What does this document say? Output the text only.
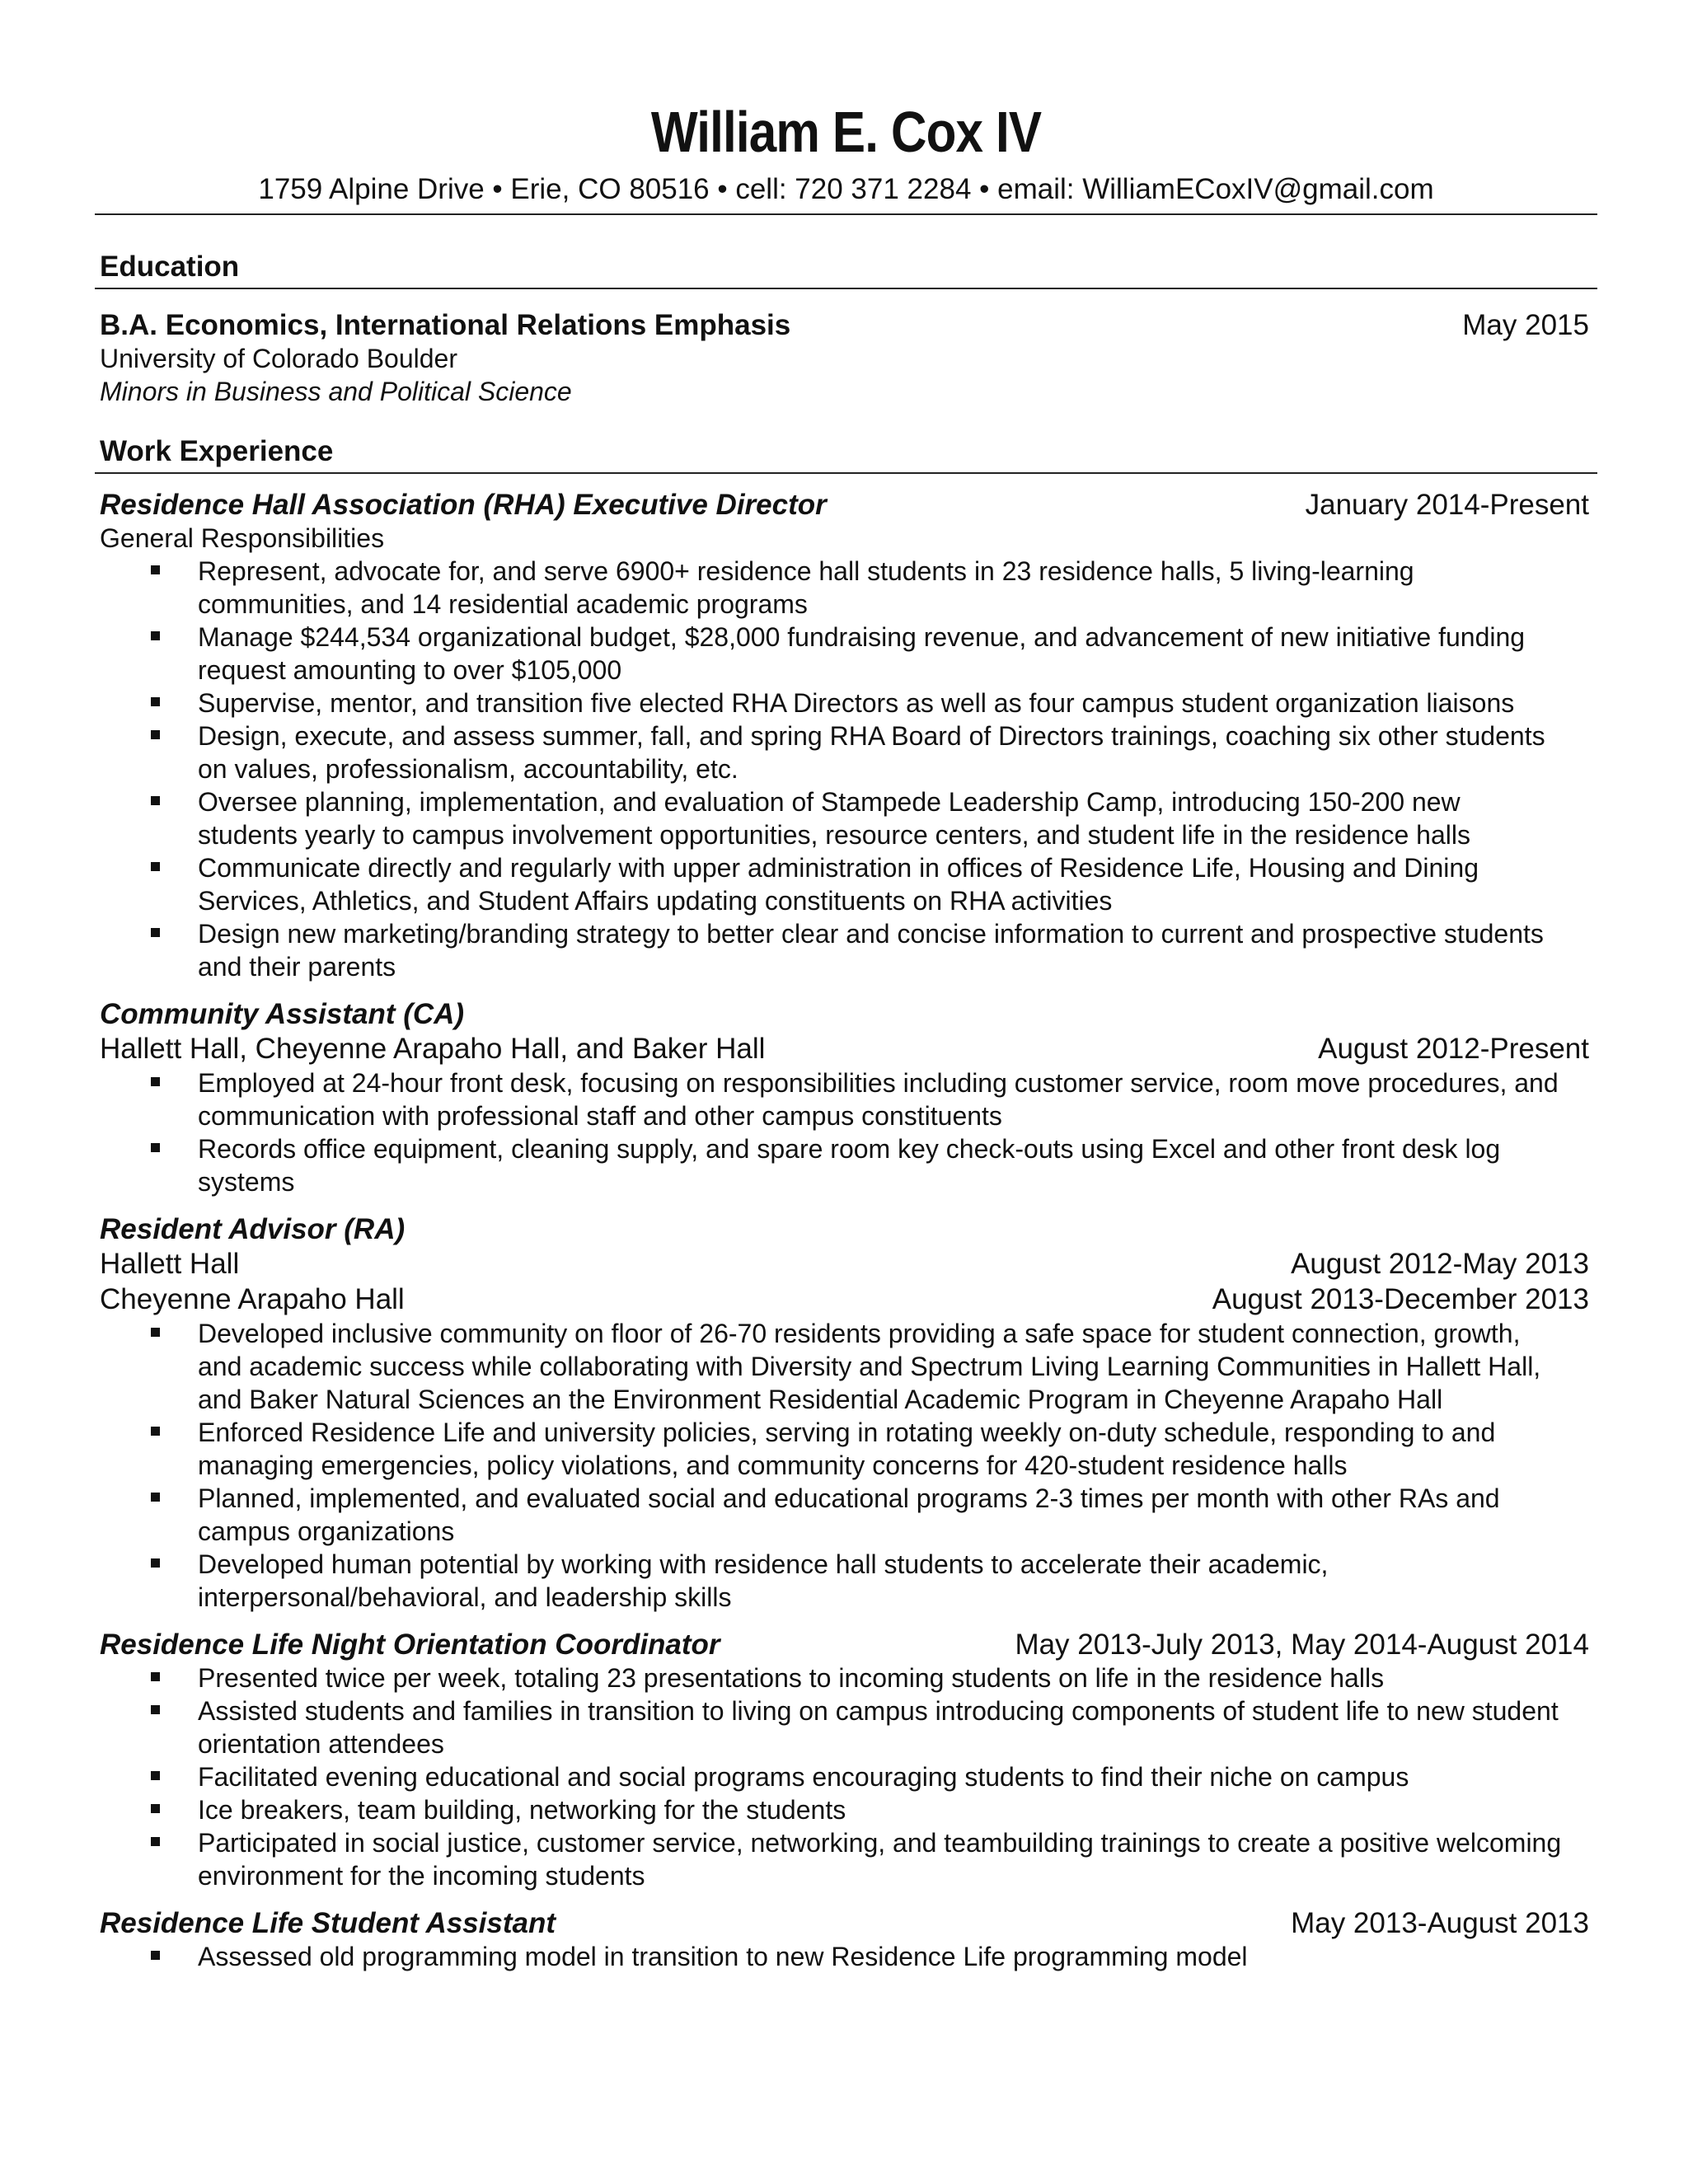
William E. Cox IV
1759 Alpine Drive • Erie, CO 80516 • cell: 720 371 2284 • email: WilliamECoxIV@gmail.com
Education
B.A. Economics, International Relations Emphasis	May 2015
University of Colorado Boulder
Minors in Business and Political Science
Work Experience
Residence Hall Association (RHA) Executive Director	January 2014-Present
General Responsibilities
Represent, advocate for, and serve 6900+ residence hall students in 23 residence halls, 5 living-learning communities, and 14 residential academic programs
Manage $244,534 organizational budget, $28,000 fundraising revenue, and advancement of new initiative funding request amounting to over $105,000
Supervise, mentor, and transition five elected RHA Directors as well as four campus student organization liaisons
Design, execute, and assess summer, fall, and spring RHA Board of Directors trainings, coaching six other students on values, professionalism, accountability, etc.
Oversee planning, implementation, and evaluation of Stampede Leadership Camp, introducing 150-200 new students yearly to campus involvement opportunities, resource centers, and student life in the residence halls
Communicate directly and regularly with upper administration in offices of Residence Life, Housing and Dining Services, Athletics, and Student Affairs updating constituents on RHA activities
Design new marketing/branding strategy to better clear and concise information to current and prospective students and their parents
Community Assistant (CA)
Hallett Hall, Cheyenne Arapaho Hall, and Baker Hall	August 2012-Present
Employed at 24-hour front desk, focusing on responsibilities including customer service, room move procedures, and communication with professional staff and other campus constituents
Records office equipment, cleaning supply, and spare room key check-outs using Excel and other front desk log systems
Resident Advisor (RA)
Hallett Hall	August 2012-May 2013
Cheyenne Arapaho Hall	August 2013-December 2013
Developed inclusive community on floor of 26-70 residents providing a safe space for student connection, growth, and academic success while collaborating with Diversity and Spectrum Living Learning Communities in Hallett Hall, and Baker Natural Sciences an the Environment Residential Academic Program in Cheyenne Arapaho Hall
Enforced Residence Life and university policies, serving in rotating weekly on-duty schedule, responding to and managing emergencies, policy violations, and community concerns for 420-student residence halls
Planned, implemented, and evaluated social and educational programs 2-3 times per month with other RAs and campus organizations
Developed human potential by working with residence hall students to accelerate their academic, interpersonal/behavioral, and leadership skills
Residence Life Night Orientation Coordinator	May 2013-July 2013, May 2014-August 2014
Presented twice per week, totaling 23 presentations to incoming students on life in the residence halls
Assisted students and families in transition to living on campus introducing components of student life to new student orientation attendees
Facilitated evening educational and social programs encouraging students to find their niche on campus
Ice breakers, team building, networking for the students
Participated in social justice, customer service, networking, and teambuilding trainings to create a positive welcoming environment for the incoming students
Residence Life Student Assistant	May 2013-August 2013
Assessed old programming model in transition to new Residence Life programming model
